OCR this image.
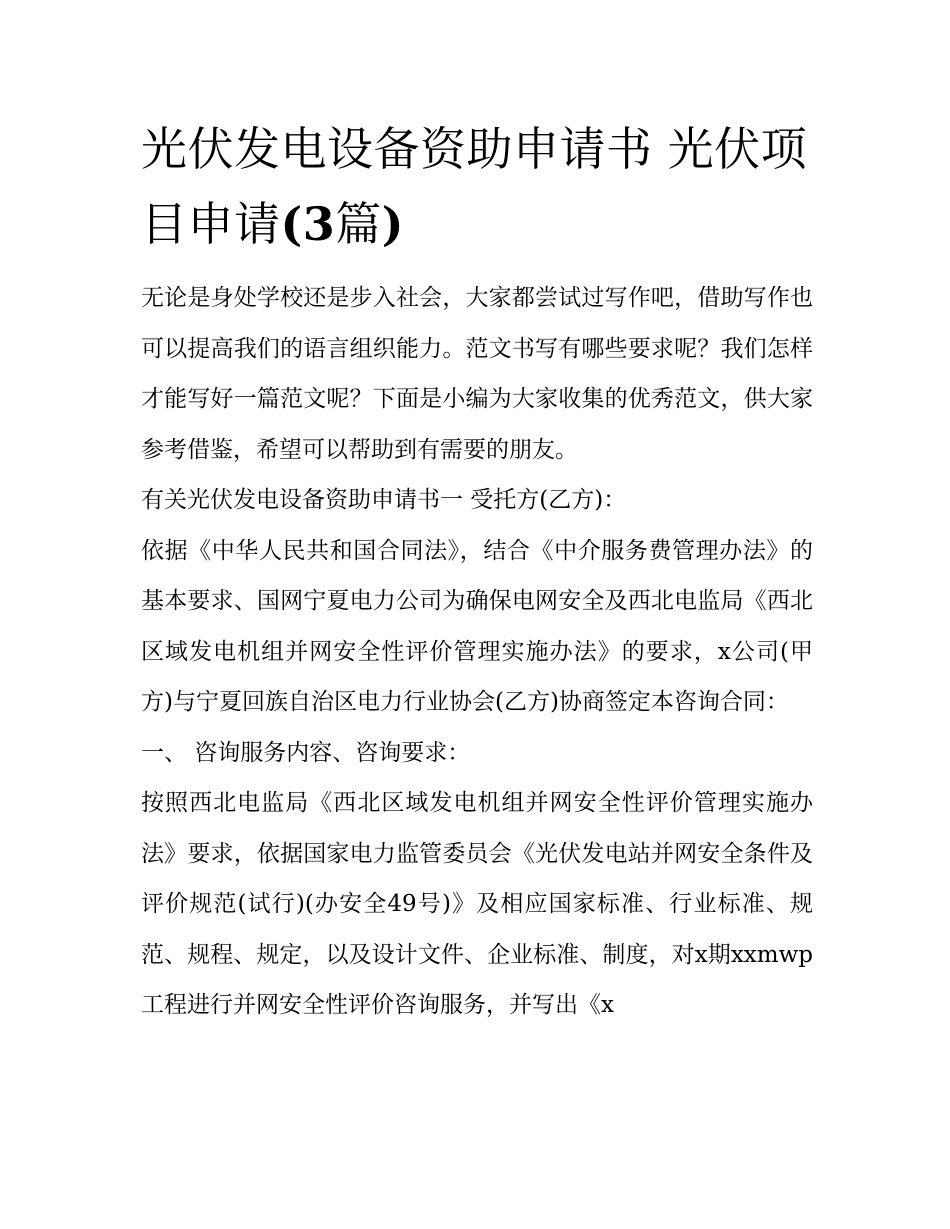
光伏发电设备资助申请书 光伏项目申请(3篇)

无论是身处学校还是步入社会，大家都尝试过写作吧，借助写作也可以提高我们的语言组织能力。范文书写有哪些要求呢？我们怎样才能写好一篇范文呢？下面是小编为大家收集的优秀范文，供大家参考借鉴，希望可以帮助到有需要的朋友。

有关光伏发电设备资助申请书一 受托方(乙方)：

依据《中华人民共和国合同法》，结合《中介服务费管理办法》的基本要求、国网宁夏电力公司为确保电网安全及西北电监局《西北区域发电机组并网安全性评价管理实施办法》的要求，x公司(甲方)与宁夏回族自治区电力行业协会(乙方)协商签定本咨询合同：

一、 咨询服务内容、咨询要求：

按照西北电监局《西北区域发电机组并网安全性评价管理实施办法》要求，依据国家电力监管委员会《光伏发电站并网安全条件及评价规范(试行)(办安全49号)》及相应国家标准、行业标准、规范、规程、规定，以及设计文件、企业标准、制度，对x期xxmwp工程进行并网安全性评价咨询服务，并写出《x
